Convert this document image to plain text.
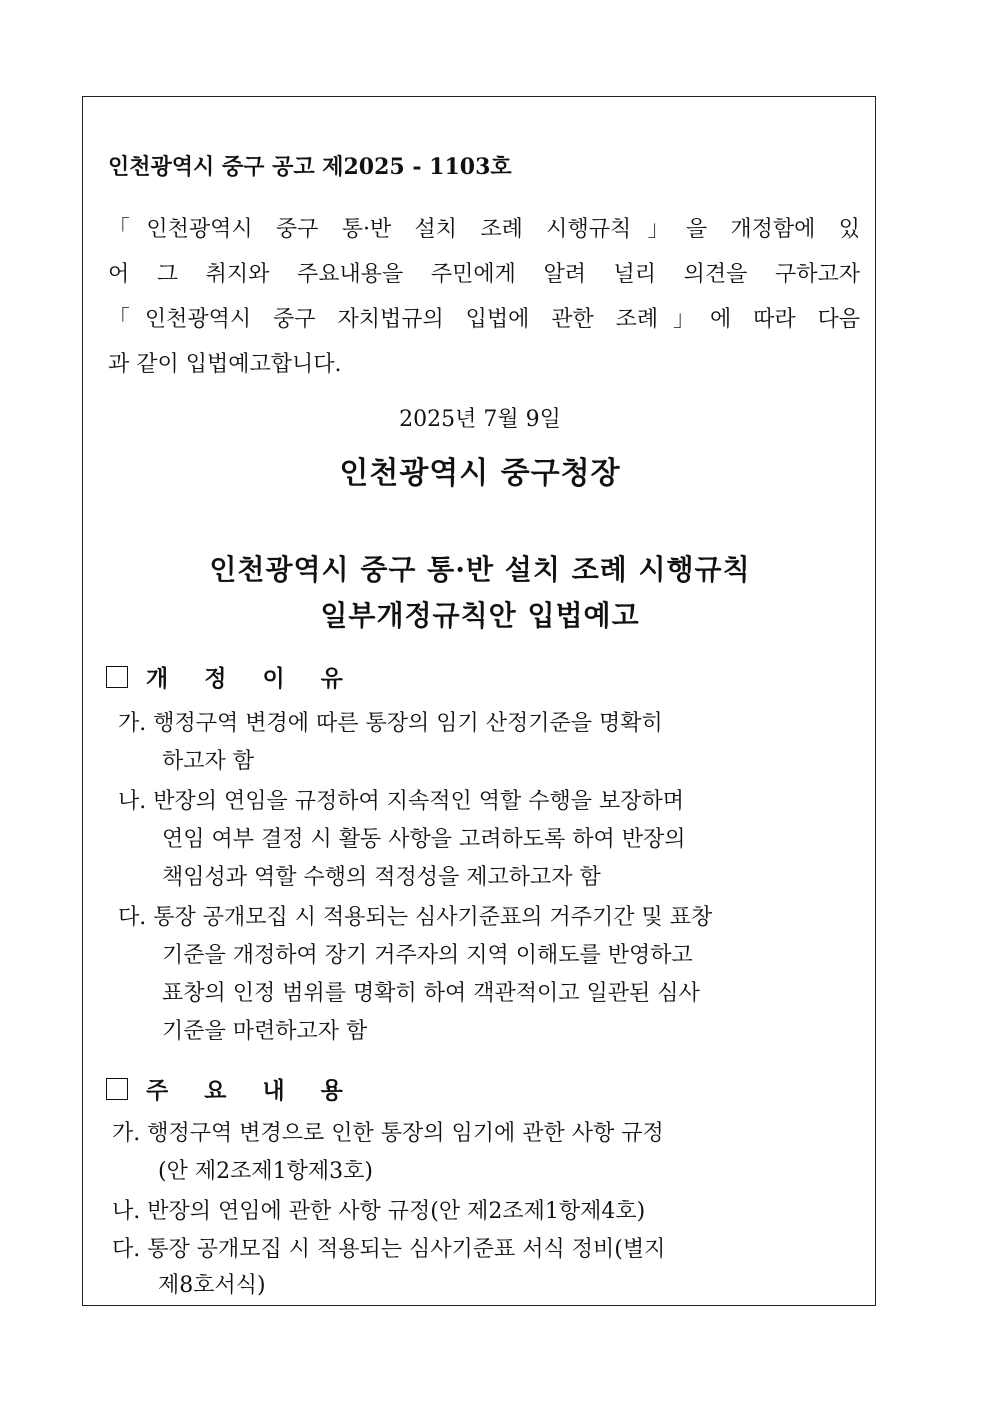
인천광역시 중구 공고 제2025 - 1103호
「인천광역시 중구 통·반 설치 조례 시행규칙」을 개정함에 있
어 그 취지와 주요내용을 주민에게 알려 널리 의견을 구하고자
「인천광역시 중구 자치법규의 입법에 관한 조례」에 따라 다음
과 같이 입법예고합니다.
2025년 7월 9일
인천광역시 중구청장
인천광역시 중구 통·반 설치 조례 시행규칙
일부개정규칙안 입법예고
개 정 이 유
가. 행정구역 변경에 따른 통장의 임기 산정기준을 명확히
하고자 함
나. 반장의 연임을 규정하여 지속적인 역할 수행을 보장하며
연임 여부 결정 시 활동 사항을 고려하도록 하여 반장의
책임성과 역할 수행의 적정성을 제고하고자 함
다. 통장 공개모집 시 적용되는 심사기준표의 거주기간 및 표창
기준을 개정하여 장기 거주자의 지역 이해도를 반영하고
표창의 인정 범위를 명확히 하여 객관적이고 일관된 심사
기준을 마련하고자 함
주 요 내 용
가. 행정구역 변경으로 인한 통장의 임기에 관한 사항 규정
(안 제2조제1항제3호)
나. 반장의 연임에 관한 사항 규정(안 제2조제1항제4호)
다. 통장 공개모집 시 적용되는 심사기준표 서식 정비(별지
제8호서식)
